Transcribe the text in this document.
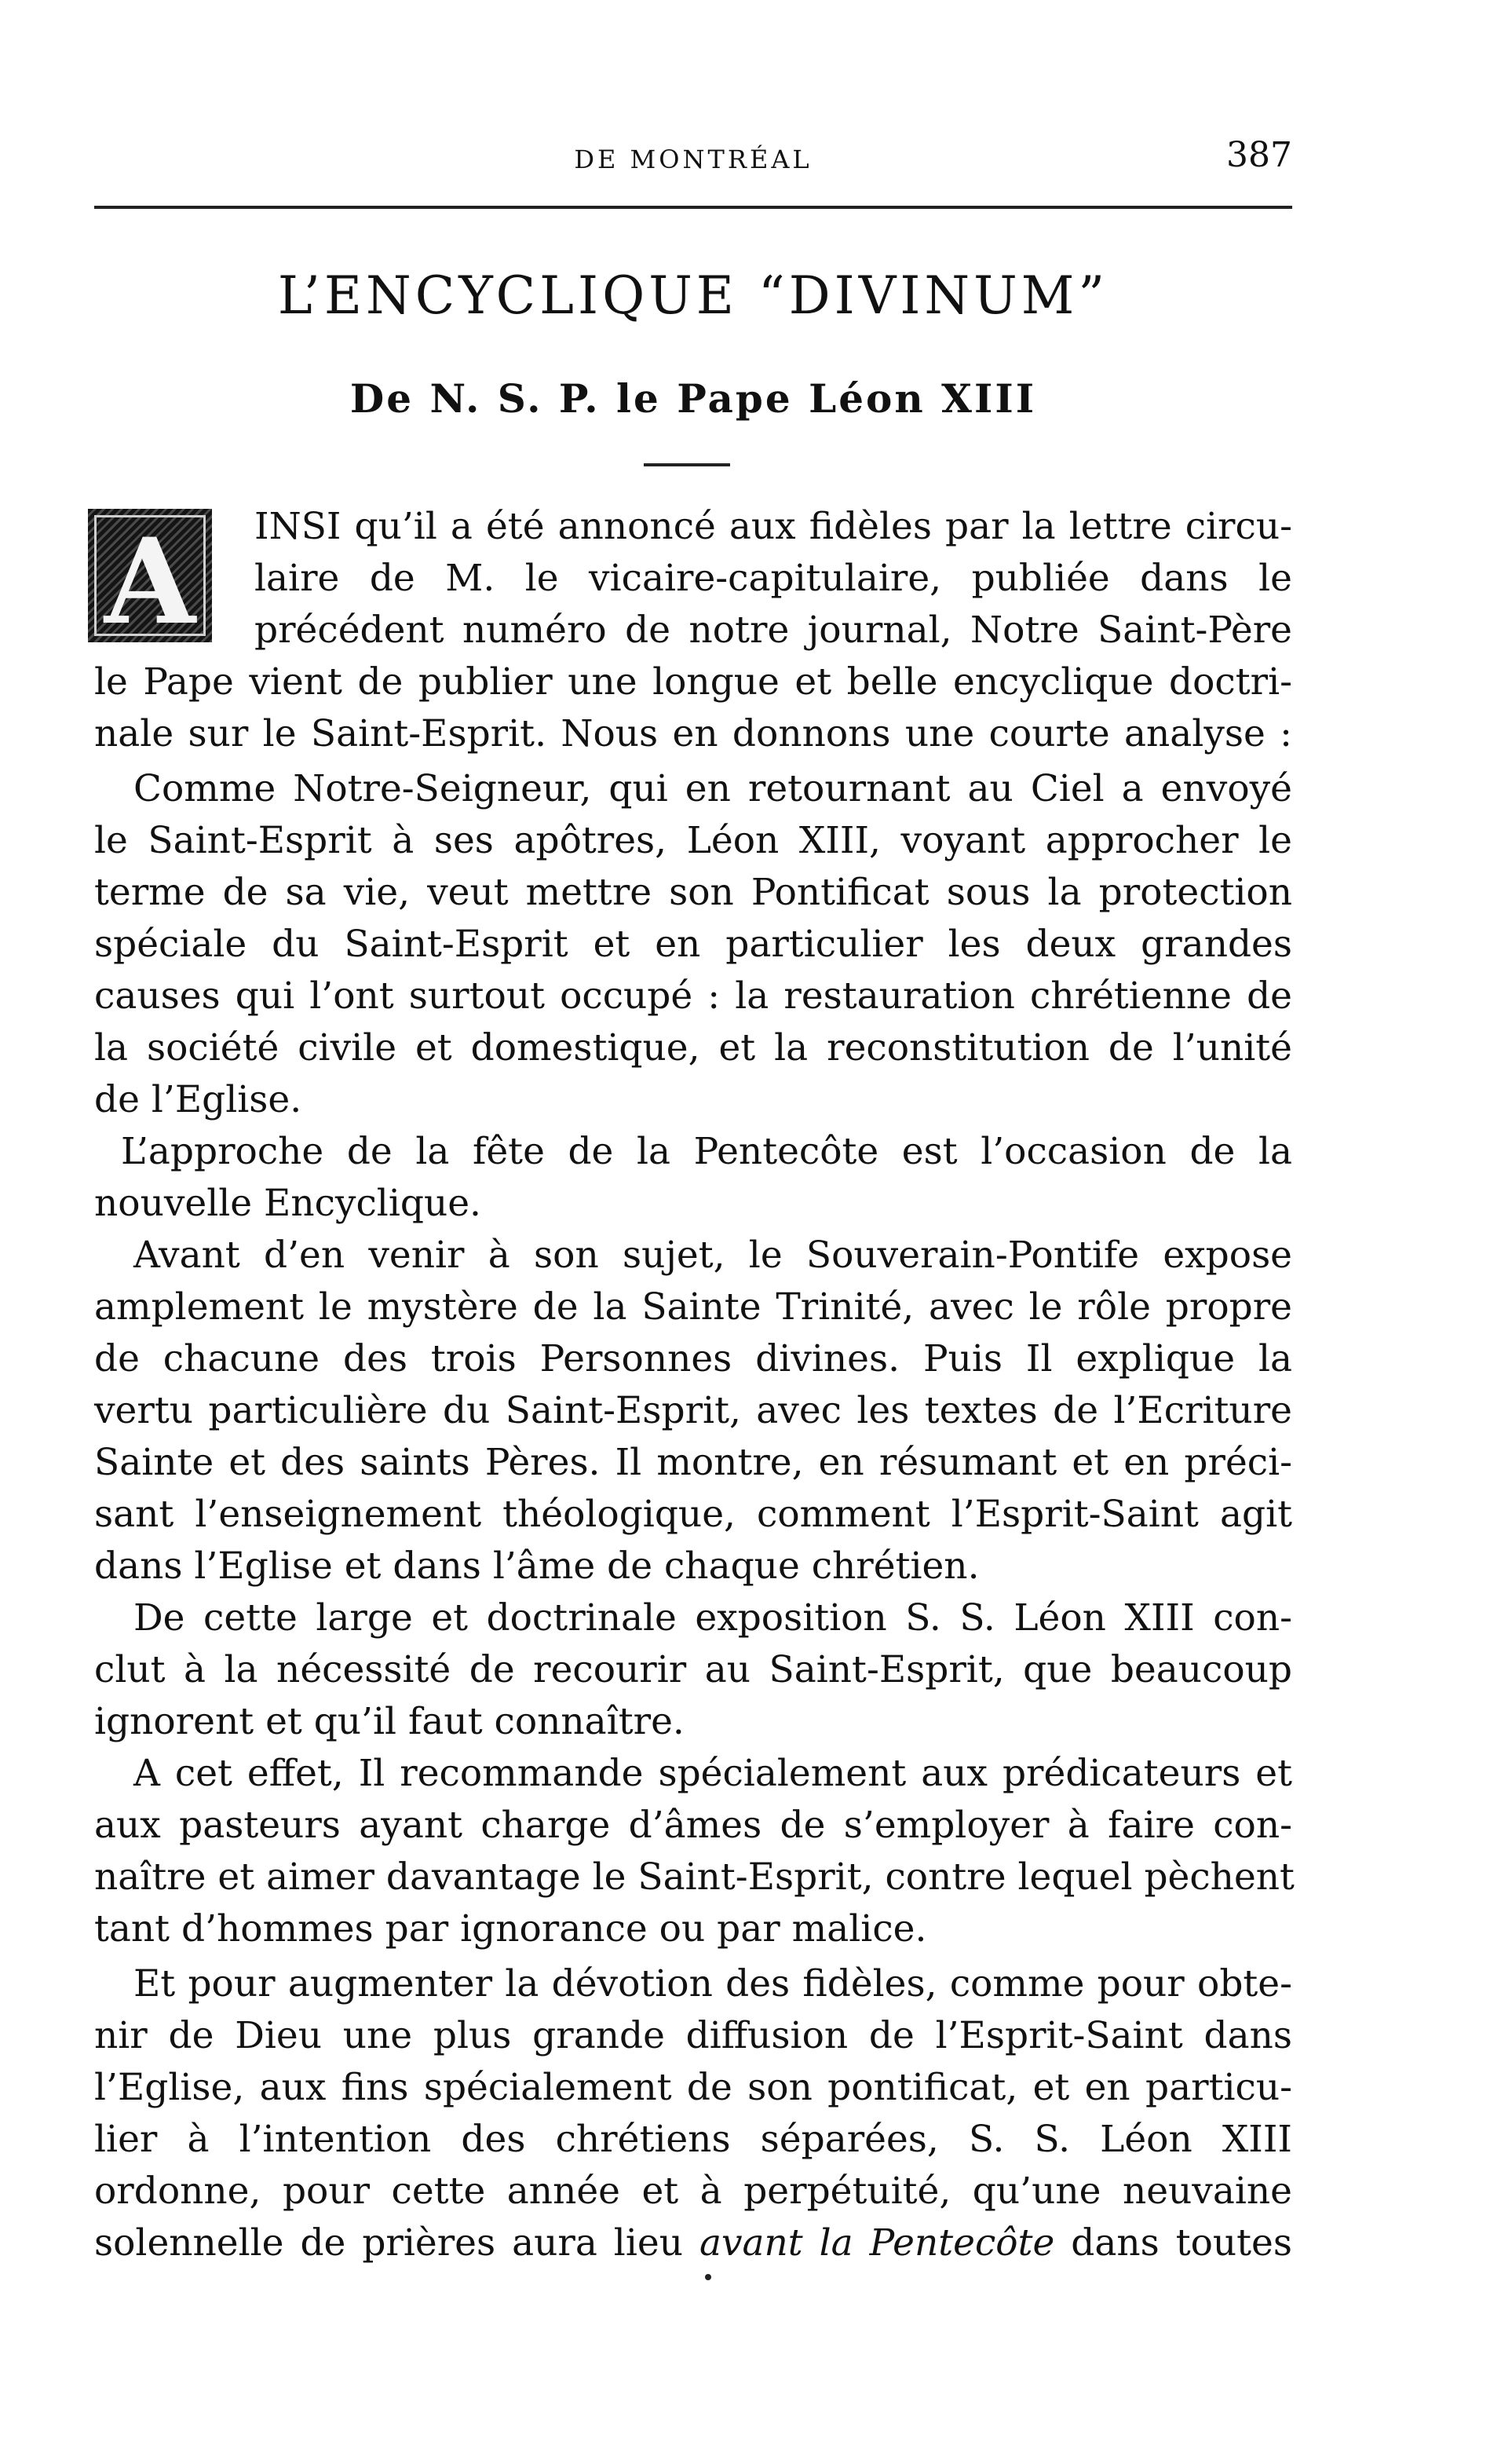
DE MONTRÉAL	387
L’ENCYCLIQUE “DIVINUM”
De N. S. P. le Pape Léon XIII
A	INSI qu’il a été annoncé aux fidèles par la lettre circu-
laire de M. le vicaire-capitulaire, publiée dans le
précédent numéro de notre journal, Notre Saint-Père
le Pape vient de publier une longue et belle encyclique doctri-
nale sur le Saint-Esprit. Nous en donnons une courte analyse :
Comme Notre-Seigneur, qui en retournant au Ciel a envoyé
le Saint-Esprit à ses apôtres, Léon XIII, voyant approcher le
terme de sa vie, veut mettre son Pontificat sous la protection
spéciale du Saint-Esprit et en particulier les deux grandes
causes qui l’ont surtout occupé : la restauration chrétienne de
la société civile et domestique, et la reconstitution de l’unité
de l’Eglise.
L’approche de la fête de la Pentecôte est l’occasion de la
nouvelle Encyclique.
Avant d’en venir à son sujet, le Souverain-Pontife expose
amplement le mystère de la Sainte Trinité, avec le rôle propre
de chacune des trois Personnes divines. Puis Il explique la
vertu particulière du Saint-Esprit, avec les textes de l’Ecriture
Sainte et des saints Pères. Il montre, en résumant et en préci-
sant l’enseignement théologique, comment l’Esprit-Saint agit
dans l’Eglise et dans l’âme de chaque chrétien.
De cette large et doctrinale exposition S. S. Léon XIII con-
clut à la nécessité de recourir au Saint-Esprit, que beaucoup
ignorent et qu’il faut connaître.
A cet effet, Il recommande spécialement aux prédicateurs et
aux pasteurs ayant charge d’âmes de s’employer à faire con-
naître et aimer davantage le Saint-Esprit, contre lequel pèchent
tant d’hommes par ignorance ou par malice.
Et pour augmenter la dévotion des fidèles, comme pour obte-
nir de Dieu une plus grande diffusion de l’Esprit-Saint dans
l’Eglise, aux fins spécialement de son pontificat, et en particu-
lier à l’intention des chrétiens séparées, S. S. Léon XIII
ordonne, pour cette année et à perpétuité, qu’une neuvaine
solennelle de prières aura lieu avant la Pentecôte dans toutes
